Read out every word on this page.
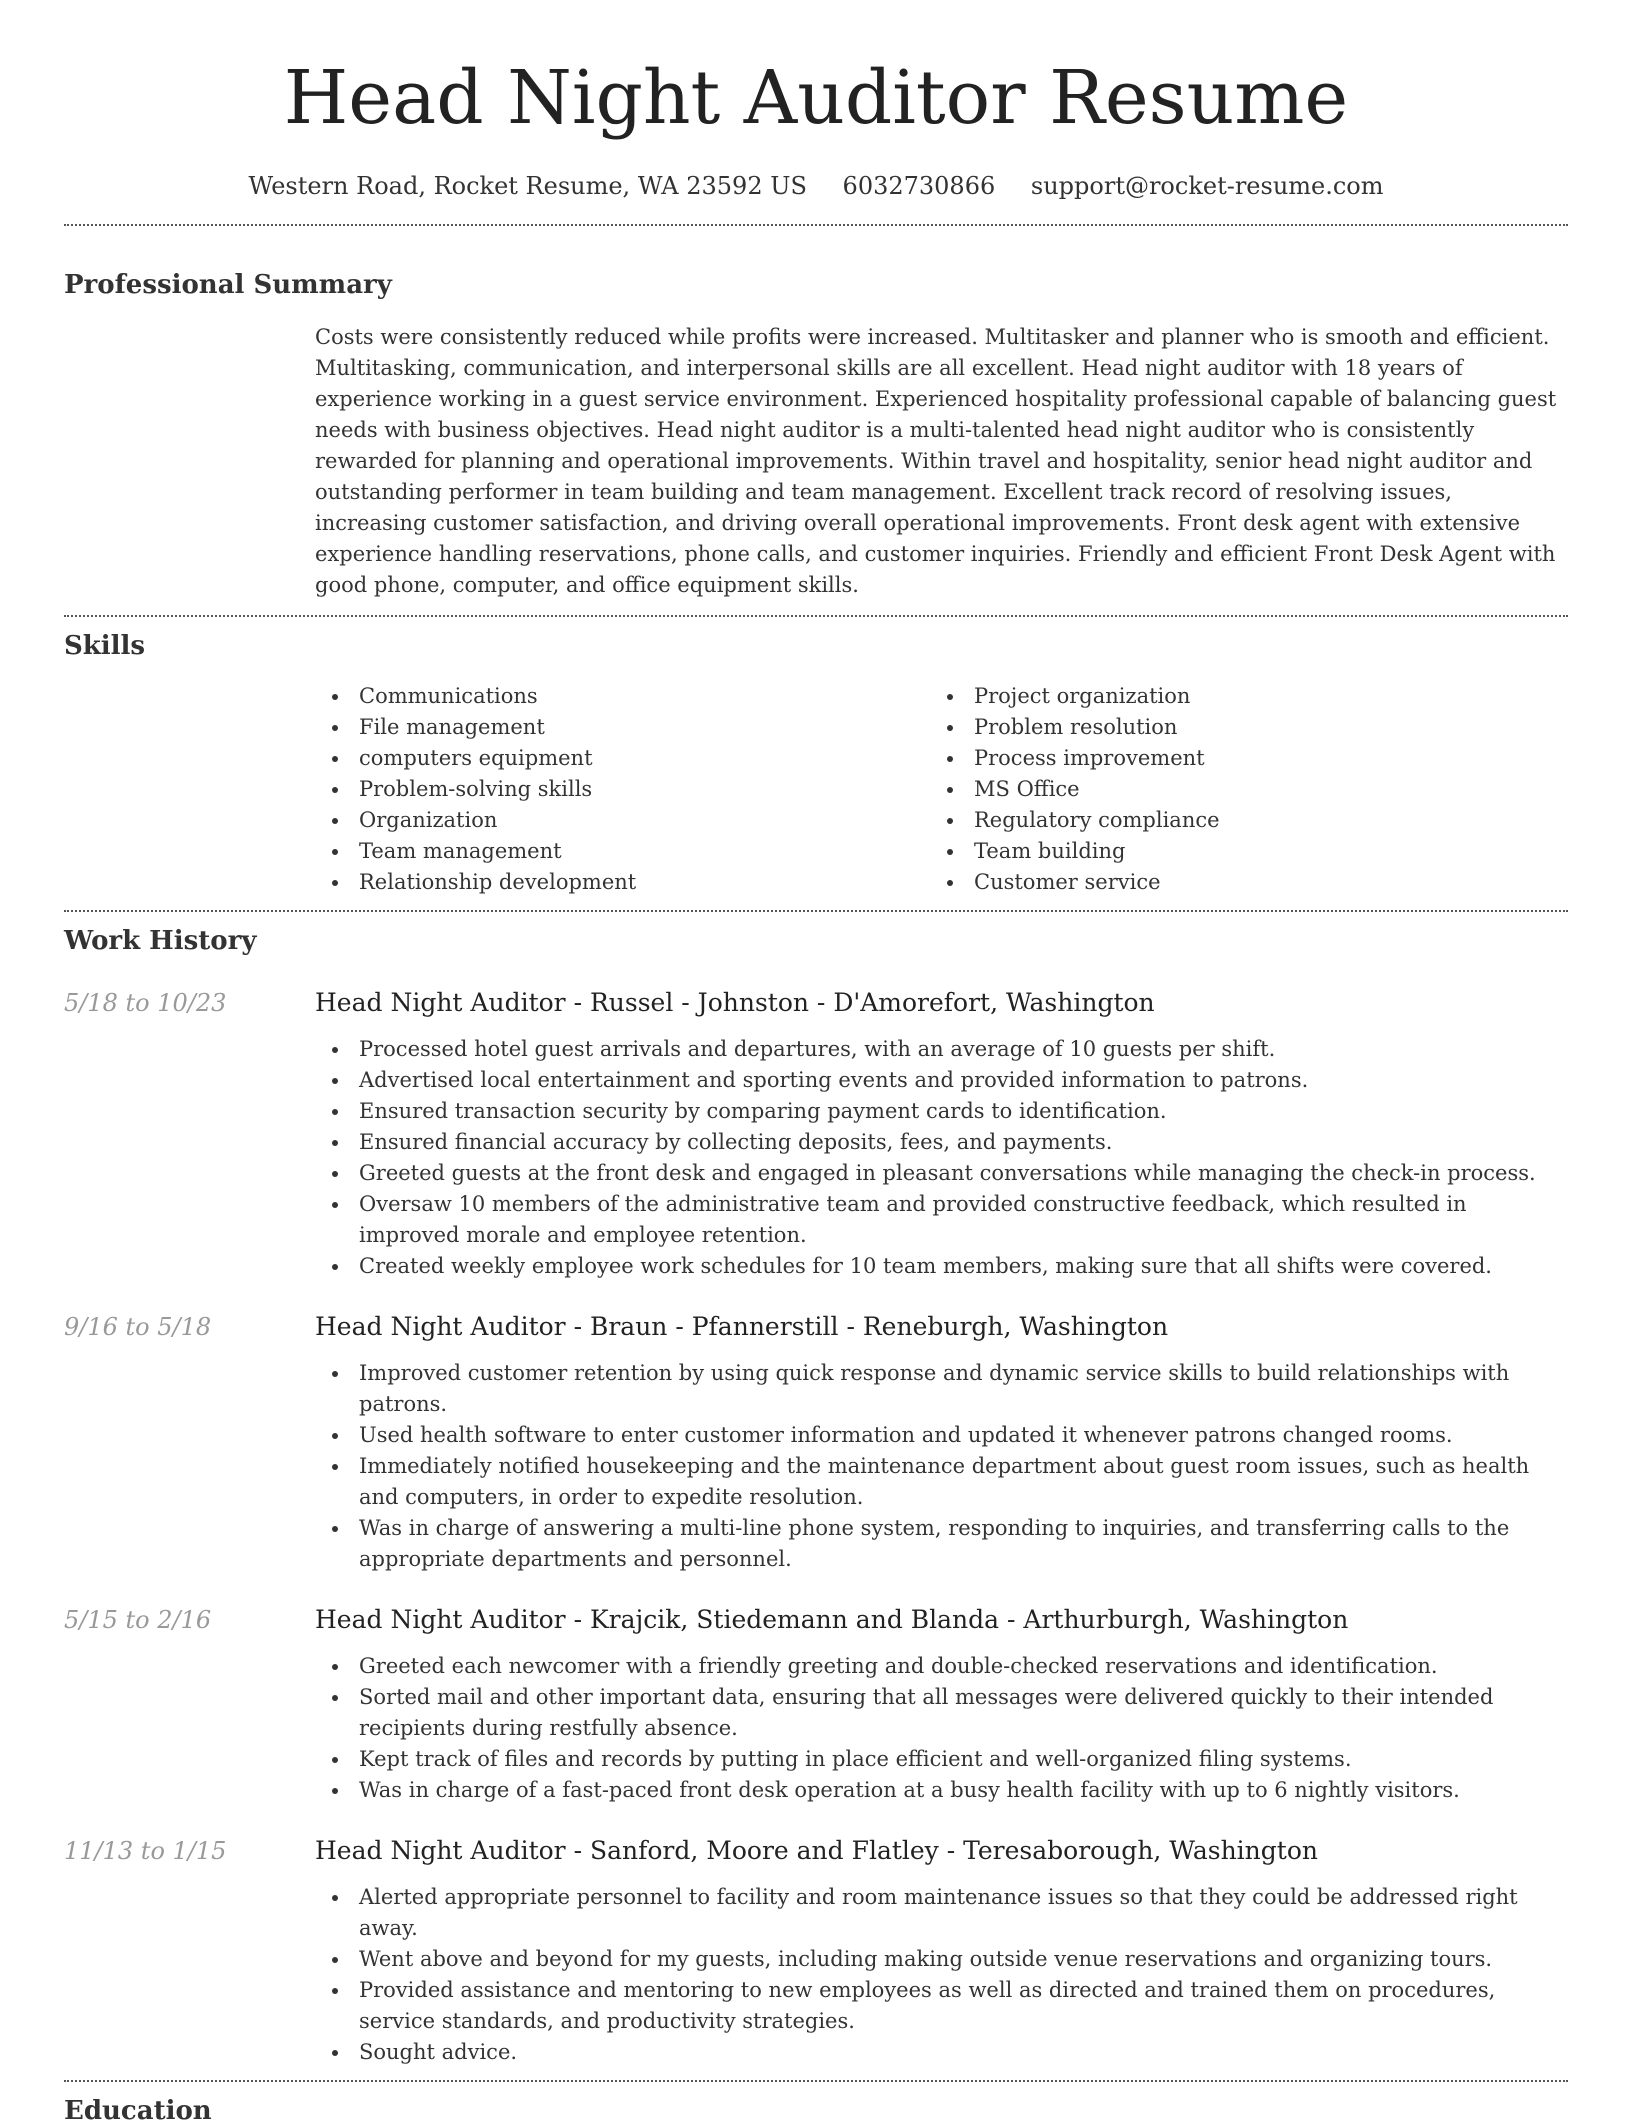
Head Night Auditor Resume
Western Road, Rocket Resume, WA 23592 US 6032730866 support@rocket-resume.com
Professional Summary

Costs were consistently reduced while profits were increased. Multitasker and planner who is smooth and efficient. Multitasking, communication, and interpersonal skills are all excellent. Head night auditor with 18 years of experience working in a guest service environment. Experienced hospitality professional capable of balancing guest needs with business objectives. Head night auditor is a multi-talented head night auditor who is consistently rewarded for planning and operational improvements. Within travel and hospitality, senior head night auditor and outstanding performer in team building and team management. Excellent track record of resolving issues, increasing customer satisfaction, and driving overall operational improvements. Front desk agent with extensive experience handling reservations, phone calls, and customer inquiries. Friendly and efficient Front Desk Agent with good phone, computer, and office equipment skills.

Skills
Communications
File management
computers equipment
Problem-solving skills
Organization
Team management
Relationship development
Project organization
Problem resolution
Process improvement
MS Office
Regulatory compliance
Team building
Customer service
Work History
5/18 to 10/23	Head Night Auditor - Russel - Johnston - D'Amorefort, Washington
Processed hotel guest arrivals and departures, with an average of 10 guests per shift.
Advertised local entertainment and sporting events and provided information to patrons.
Ensured transaction security by comparing payment cards to identification.
Ensured financial accuracy by collecting deposits, fees, and payments.
Greeted guests at the front desk and engaged in pleasant conversations while managing the check-in process.
Oversaw 10 members of the administrative team and provided constructive feedback, which resulted in improved morale and employee retention.
Created weekly employee work schedules for 10 team members, making sure that all shifts were covered.
9/16 to 5/18	Head Night Auditor - Braun - Pfannerstill - Reneburgh, Washington
Improved customer retention by using quick response and dynamic service skills to build relationships with patrons.
Used health software to enter customer information and updated it whenever patrons changed rooms.
Immediately notified housekeeping and the maintenance department about guest room issues, such as health and computers, in order to expedite resolution.
Was in charge of answering a multi-line phone system, responding to inquiries, and transferring calls to the appropriate departments and personnel.
5/15 to 2/16	Head Night Auditor - Krajcik, Stiedemann and Blanda - Arthurburgh, Washington
Greeted each newcomer with a friendly greeting and double-checked reservations and identification.
Sorted mail and other important data, ensuring that all messages were delivered quickly to their intended recipients during restfully absence.
Kept track of files and records by putting in place efficient and well-organized filing systems.
Was in charge of a fast-paced front desk operation at a busy health facility with up to 6 nightly visitors.
11/13 to 1/15	Head Night Auditor - Sanford, Moore and Flatley - Teresaborough, Washington
Alerted appropriate personnel to facility and room maintenance issues so that they could be addressed right away.
Went above and beyond for my guests, including making outside venue reservations and organizing tours.
Provided assistance and mentoring to new employees as well as directed and trained them on procedures, service standards, and productivity strategies.
Sought advice.
Education
